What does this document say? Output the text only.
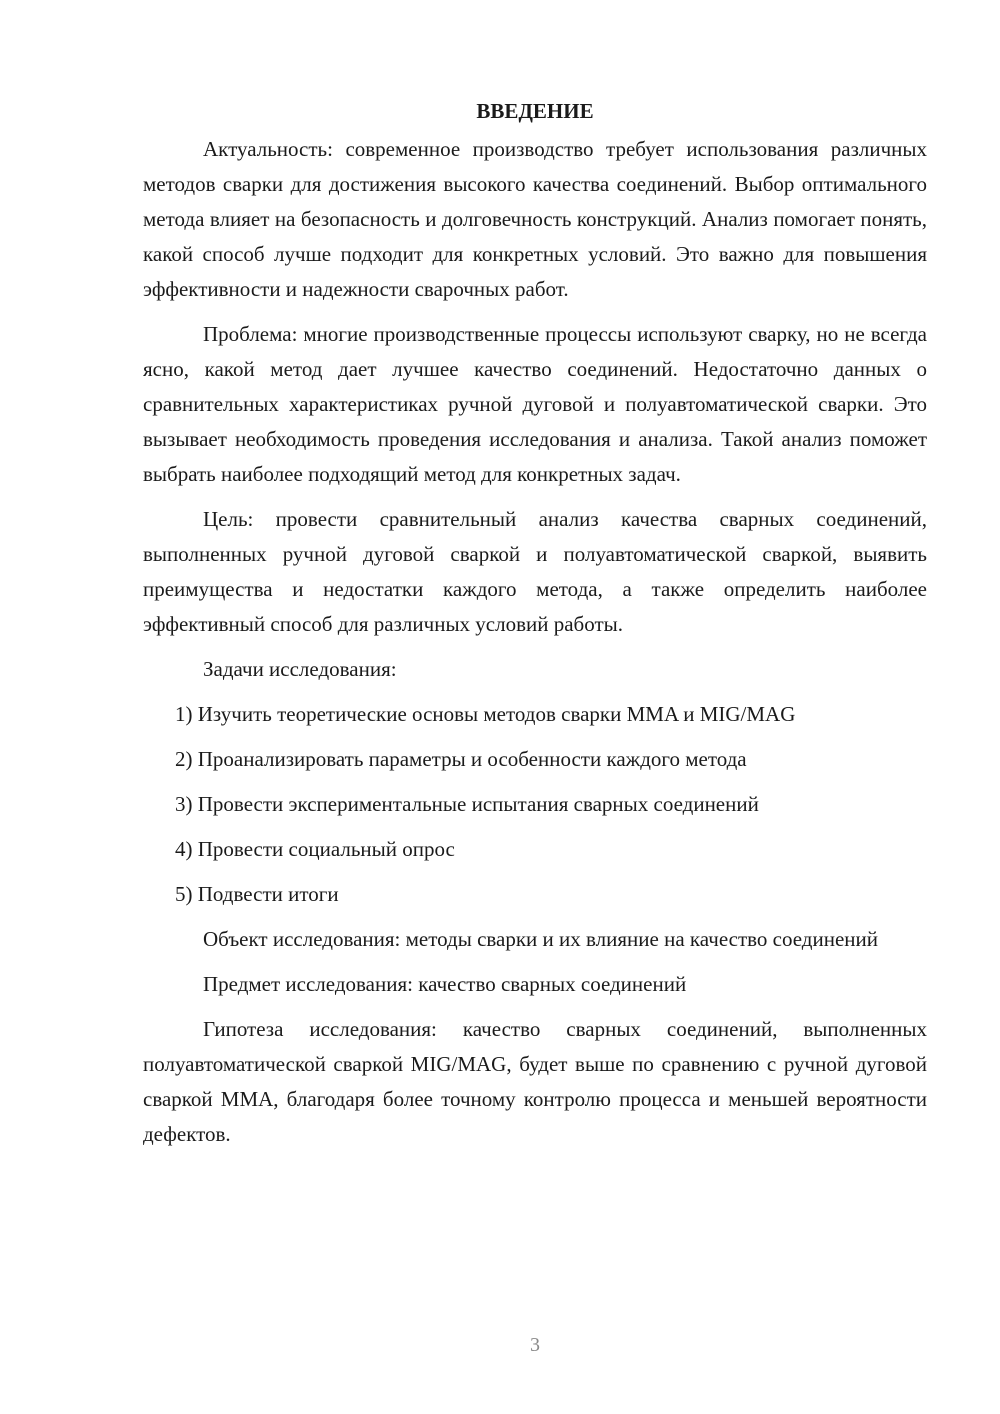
ВВЕДЕНИЕ

Актуальность: современное производство требует использования различных методов сварки для достижения высокого качества соединений. Выбор оптимального метода влияет на безопасность и долговечность конструкций. Анализ помогает понять, какой способ лучше подходит для конкретных условий. Это важно для повышения эффективности и надежности сварочных работ.

Проблема: многие производственные процессы используют сварку, но не всегда ясно, какой метод дает лучшее качество соединений. Недостаточно данных о сравнительных характеристиках ручной дуговой и полуавтоматической сварки. Это вызывает необходимость проведения исследования и анализа. Такой анализ поможет выбрать наиболее подходящий метод для конкретных задач.

Цель: провести сравнительный анализ качества сварных соединений, выполненных ручной дуговой сваркой и полуавтоматической сваркой, выявить преимущества и недостатки каждого метода, а также определить наиболее эффективный способ для различных условий работы.

Задачи исследования:

1) Изучить теоретические основы методов сварки MMA и MIG/MAG
2) Проанализировать параметры и особенности каждого метода
3) Провести экспериментальные испытания сварных соединений
4) Провести социальный опрос
5) Подвести итоги

Объект исследования: методы сварки и их влияние на качество соединений

Предмет исследования: качество сварных соединений

Гипотеза исследования: качество сварных соединений, выполненных полуавтоматической сваркой MIG/MAG, будет выше по сравнению с ручной дуговой сваркой MMA, благодаря более точному контролю процесса и меньшей вероятности дефектов.

3
